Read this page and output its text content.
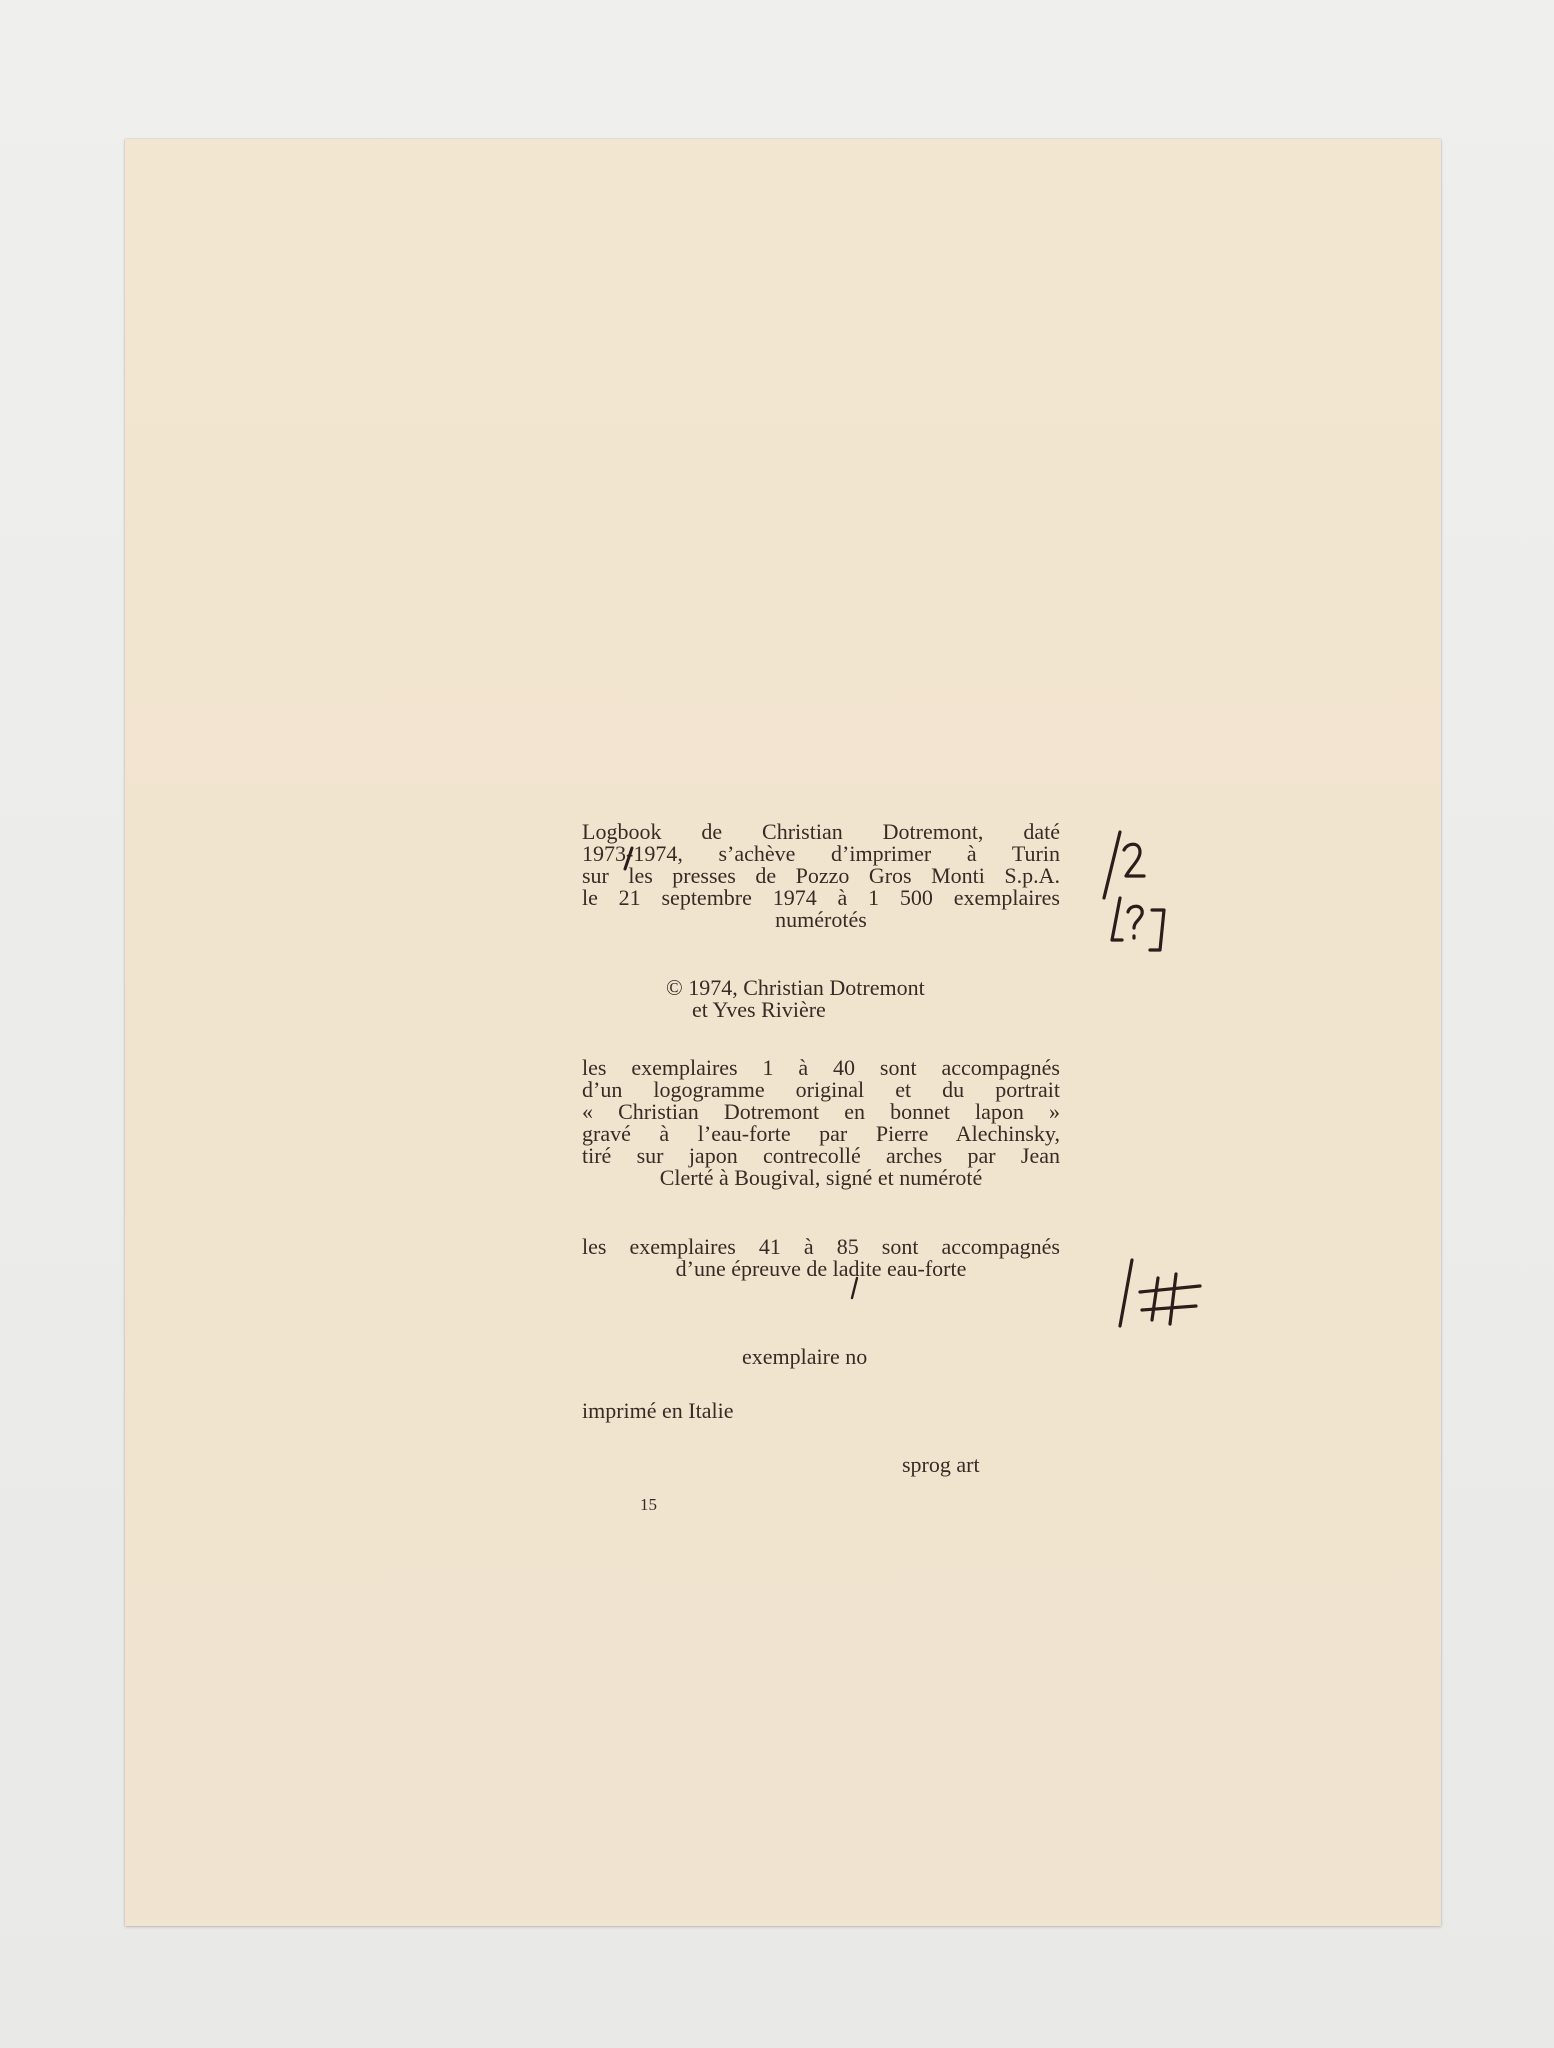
Logbook de Christian Dotremont, daté
1973-1974, s’achève d’imprimer à Turin
sur les presses de Pozzo Gros Monti S.p.A.
le 21 septembre 1974 à 1 500 exemplaires
numérotés
© 1974, Christian Dotremont
et Yves Rivière
les exemplaires 1 à 40 sont accompagnés
d’un logogramme original et du portrait
« Christian Dotremont en bonnet lapon »
gravé à l’eau-forte par Pierre Alechinsky,
tiré sur japon contrecollé arches par Jean
Clerté à Bougival, signé et numéroté
les exemplaires 41 à 85 sont accompagnés
d’une épreuve de ladite eau-forte
exemplaire no
imprimé en Italie
sprog art
15
